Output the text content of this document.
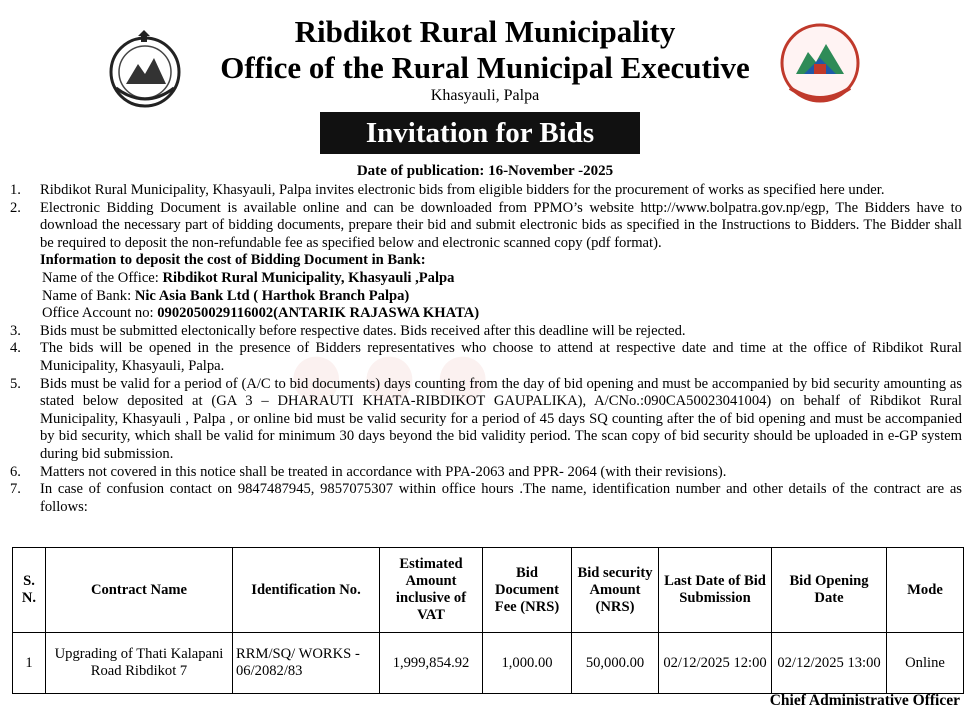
Ribdikot Rural Municipality
Office of the Rural Municipal Executive
Khasyauli, Palpa
Invitation for Bids
Date of publication: 16-November -2025
● ● ●
1. Ribdikot Rural Municipality, Khasyauli, Palpa invites electronic bids from eligible bidders for the procurement of works as specified here under.
2. Electronic Bidding Document is available online and can be downloaded from PPMO’s website http://www.bolpatra.gov.np/egp, The Bidders have to download the necessary part of bidding documents, prepare their bid and submit electronic bids as specified in the Instructions to Bidders. The Bidder shall be required to deposit the non-refundable fee as specified below and electronic scanned copy (pdf format).
Information to deposit the cost of Bidding Document in Bank:
Name of the Office: Ribdikot Rural Municipality, Khasyauli ,Palpa
Name of Bank: Nic Asia Bank Ltd ( Harthok Branch Palpa)
Office Account no: 0902050029116002(ANTARIK RAJASWA KHATA)
3. Bids must be submitted electonically before respective dates. Bids received after this deadline will be rejected.
4. The bids will be opened in the presence of Bidders representatives who choose to attend at respective date and time at the office of Ribdikot Rural Municipality, Khasyauli, Palpa.
5. Bids must be valid for a period of (A/C to bid documents) days counting from the day of bid opening and must be accompanied by bid security amounting as stated below deposited at (GA 3 – DHARAUTI KHATA-RIBDIKOT GAUPALIKA), A/CNo.:090CA50023041004) on behalf of Ribdikot Rural Municipality, Khasyauli , Palpa , or online bid must be valid security for a period of 45 days SQ counting after the of bid opening and must be accompanied by bid security, which shall be valid for minimum 30 days beyond the bid validity period. The scan copy of bid security should be uploaded in e-GP system during bid submission.
6. Matters not covered in this notice shall be treated in accordance with PPA-2063 and PPR- 2064 (with their revisions).
7. In case of confusion contact on 9847487945, 9857075307 within office hours .The name, identification number and other details of the contract are as follows:
S. N.	Contract Name	Identification No.	Estimated Amount inclusive of VAT	Bid Document Fee (NRS)	Bid security Amount (NRS)	Last Date of Bid Submission	Bid Opening Date	Mode
1	Upgrading of Thati Kalapani Road Ribdikot 7	RRM/SQ/ WORKS - 06/2082/83	1,999,854.92	1,000.00	50,000.00	02/12/2025 12:00	02/12/2025 13:00	Online
Chief Administrative Officer
